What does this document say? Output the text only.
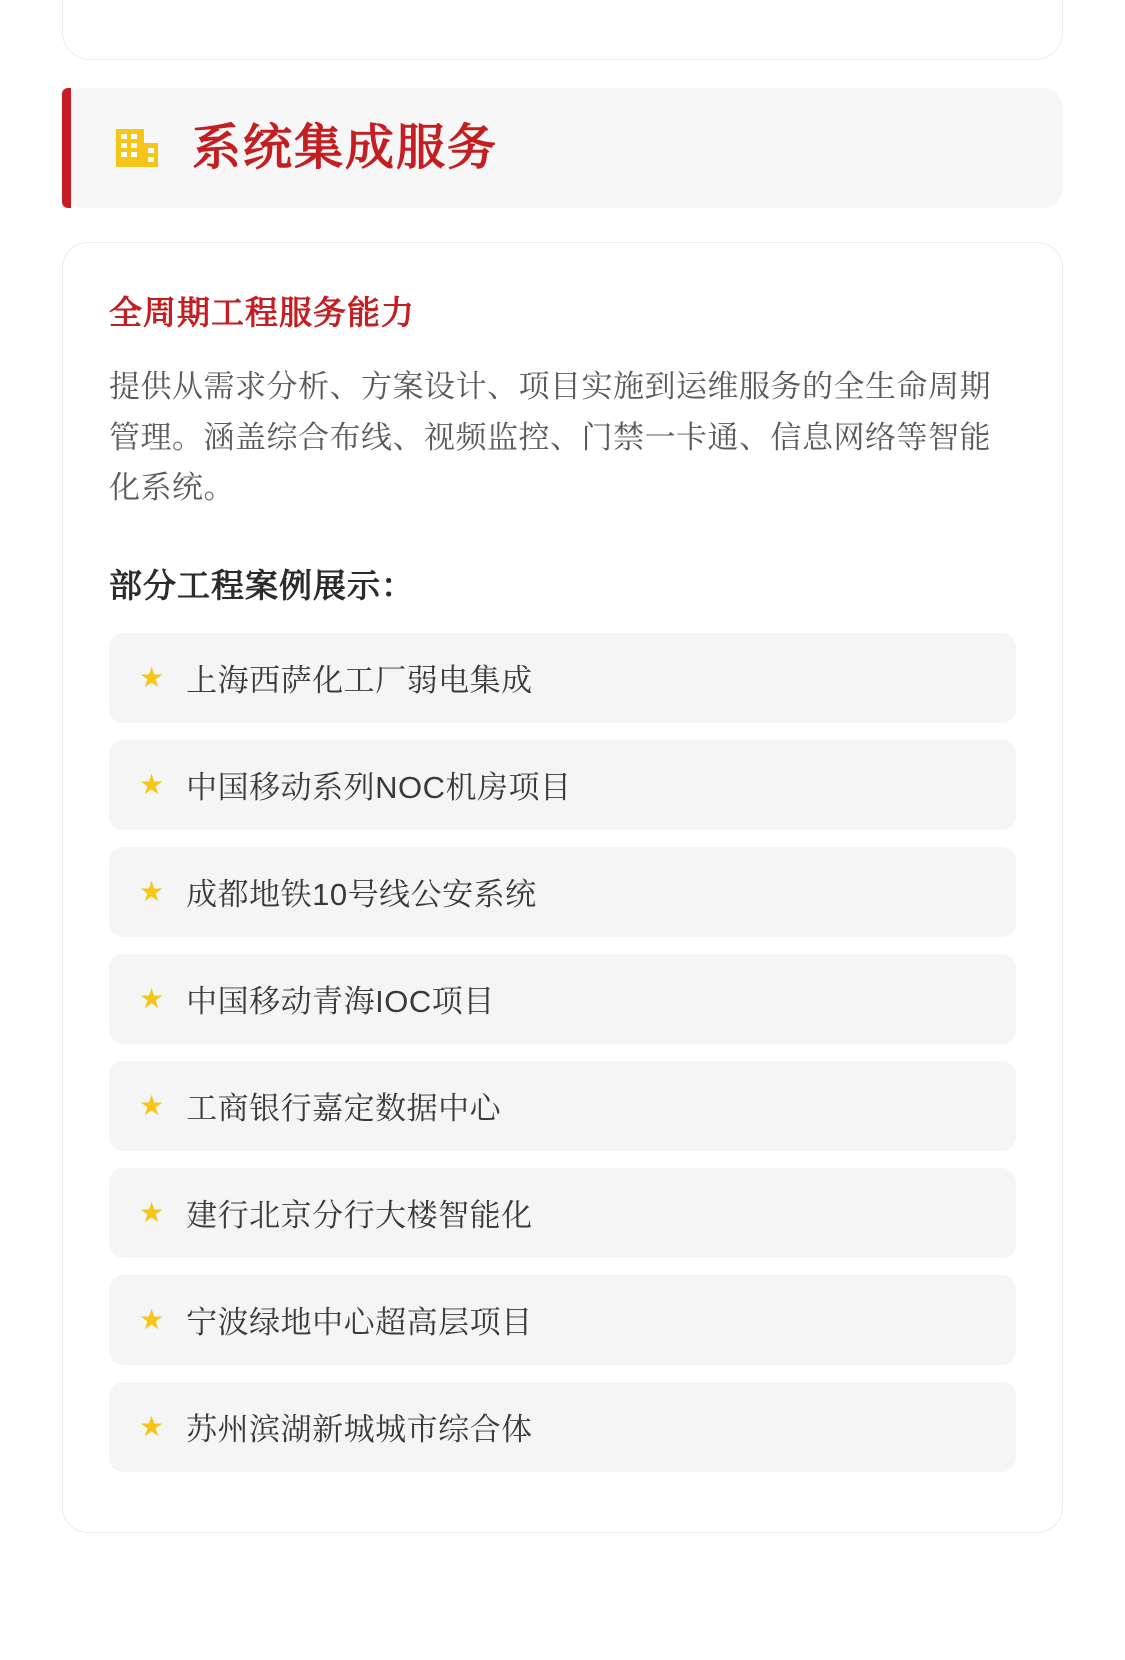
系统集成服务
全周期工程服务能力

提供从需求分析、方案设计、项目实施到运维服务的全生命周期管理。涵盖综合布线、视频监控、门禁一卡通、信息网络等智能化系统。

部分工程案例展示：
★ 上海西萨化工厂弱电集成
★ 中国移动系列NOC机房项目
★ 成都地铁10号线公安系统
★ 中国移动青海IOC项目
★ 工商银行嘉定数据中心
★ 建行北京分行大楼智能化
★ 宁波绿地中心超高层项目
★ 苏州滨湖新城城市综合体
